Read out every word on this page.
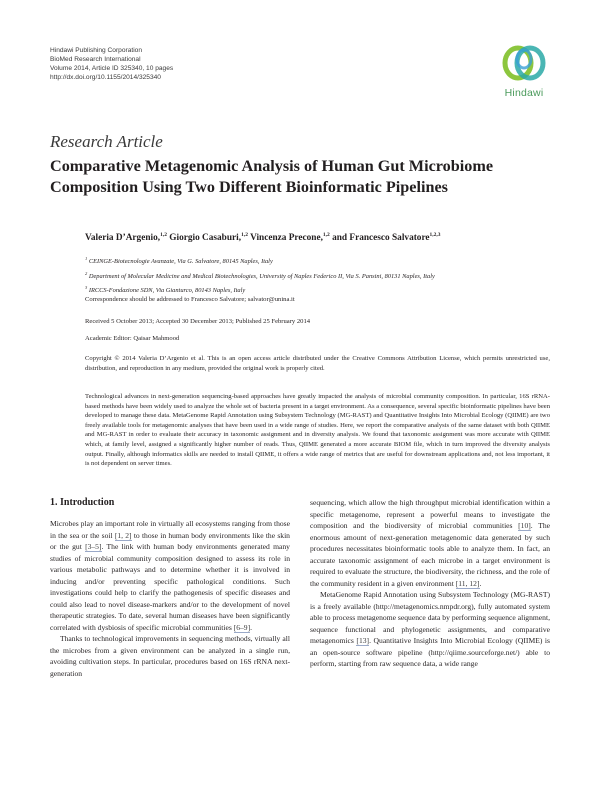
Hindawi Publishing Corporation
BioMed Research International
Volume 2014, Article ID 325340, 10 pages
http://dx.doi.org/10.1155/2014/325340
Hindawi
Research Article
Comparative Metagenomic Analysis of Human Gut Microbiome
Composition Using Two Different Bioinformatic Pipelines
Valeria D’Argenio,$^{1,2}$ Giorgio Casaburi,$^{1,2}$ Vincenza Precone,$^{1,2}$ and Francesco Salvatore$^{1,2,3}$
$^1$ CEINGE-Biotecnologie Avanzate, Via G. Salvatore, 80145 Naples, Italy
$^2$ Department of Molecular Medicine and Medical Biotechnologies, University of Naples Federico II, Via S. Pansini, 80131 Naples, Italy
$^3$ IRCCS-Fondazione SDN, Via Gianturco, 80143 Naples, Italy
Correspondence should be addressed to Francesco Salvatore; salvator@unina.it
Received 5 October 2013; Accepted 30 December 2013; Published 25 February 2014
Academic Editor: Qaisar Mahmood
Copyright © 2014 Valeria D’Argenio et al. This is an open access article distributed under the Creative Commons Attribution License, which permits unrestricted use, distribution, and reproduction in any medium, provided the original work is properly cited.
Technological advances in next-generation sequencing-based approaches have greatly impacted the analysis of microbial community composition. In particular, 16S rRNA-based methods have been widely used to analyze the whole set of bacteria present in a target environment. As a consequence, several specific bioinformatic pipelines have been developed to manage these data. MetaGenome Rapid Annotation using Subsystem Technology (MG-RAST) and Quantitative Insights Into Microbial Ecology (QIIME) are two freely available tools for metagenomic analyses that have been used in a wide range of studies. Here, we report the comparative analysis of the same dataset with both QIIME and MG-RAST in order to evaluate their accuracy in taxonomic assignment and in diversity analysis. We found that taxonomic assignment was more accurate with QIIME which, at family level, assigned a significantly higher number of reads. Thus, QIIME generated a more accurate BIOM file, which in turn improved the diversity analysis output. Finally, although informatics skills are needed to install QIIME, it offers a wide range of metrics that are useful for downstream applications and, not less important, it is not dependent on server times.
1. Introduction

Microbes play an important role in virtually all ecosystems ranging from those in the sea or the soil [1, 2] to those in human body environments like the skin or the gut [3–5]. The link with human body environments generated many studies of microbial community composition designed to assess its role in various metabolic pathways and to determine whether it is involved in inducing and/or preventing specific pathological conditions. Such investigations could help to clarify the pathogenesis of specific diseases and could also lead to novel disease-markers and/or to the development of novel therapeutic strategies. To date, several human diseases have been significantly correlated with dysbiosis of specific microbial communities [6–9].

Thanks to technological improvements in sequencing methods, virtually all the microbes from a given environment can be analyzed in a single run, avoiding cultivation steps. In particular, procedures based on 16S rRNA next-generation

sequencing, which allow the high throughput microbial identification within a specific metagenome, represent a powerful means to investigate the composition and the biodiversity of microbial communities [10]. The enormous amount of next-generation metagenomic data generated by such procedures necessitates bioinformatic tools able to analyze them. In fact, an accurate taxonomic assignment of each microbe in a target environment is required to evaluate the structure, the biodiversity, the richness, and the role of the community resident in a given environment [11, 12].

MetaGenome Rapid Annotation using Subsystem Technology (MG-RAST) is a freely available (http://metagenomics.nmpdr.org), fully automated system able to process metagenome sequence data by performing sequence alignment, sequence functional and phylogenetic assignments, and comparative metagenomics [13]. Quantitative Insights Into Microbial Ecology (QIIME) is an open-source software pipeline (http://qiime.sourceforge.net/) able to perform, starting from raw sequence data, a wide range
